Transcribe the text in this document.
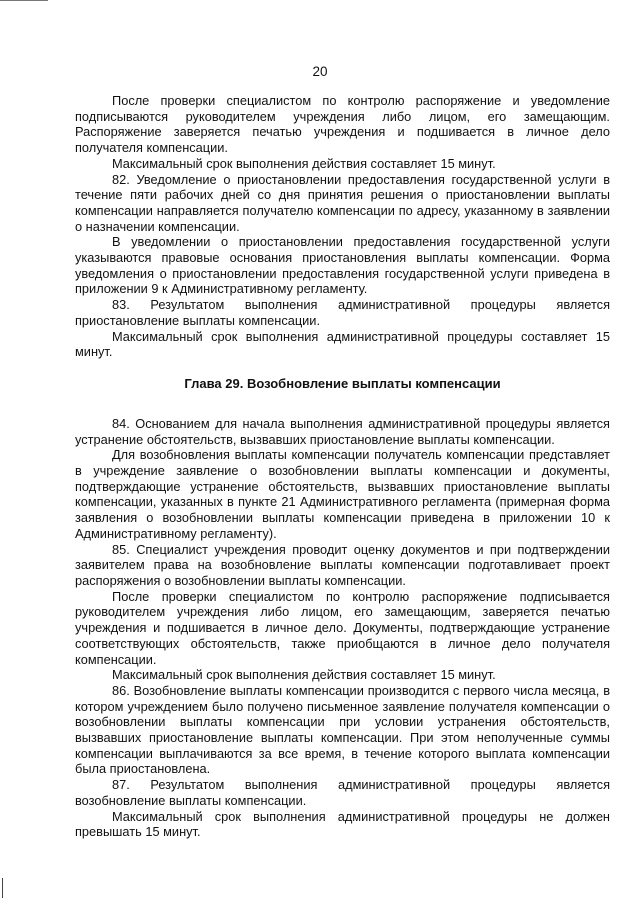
20

После проверки специалистом по контролю распоряжение и уведомление подписываются руководителем учреждения либо лицом, его замещающим. Распоряжение заверяется печатью учреждения и подшивается в личное дело получателя компенсации.

Максимальный срок выполнения действия составляет 15 минут.

82. Уведомление о приостановлении предоставления государственной услуги в течение пяти рабочих дней со дня принятия решения о приостановлении выплаты компенсации направляется получателю компенсации по адресу, указанному в заявлении о назначении компенсации.

В уведомлении о приостановлении предоставления государственной услуги указываются правовые основания приостановления выплаты компенсации. Форма уведомления о приостановлении предоставления государственной услуги приведена в приложении 9 к Административному регламенту.

83. Результатом выполнения административной процедуры является приостановление выплаты компенсации.

Максимальный срок выполнения административной процедуры составляет 15 минут.

Глава 29. Возобновление выплаты компенсации

84. Основанием для начала выполнения административной процедуры является устранение обстоятельств, вызвавших приостановление выплаты компенсации.

Для возобновления выплаты компенсации получатель компенсации представляет в учреждение заявление о возобновлении выплаты компенсации и документы, подтверждающие устранение обстоятельств, вызвавших приостановление выплаты компенсации, указанных в пункте 21 Административного регламента (примерная форма заявления о возобновлении выплаты компенсации приведена в приложении 10 к Административному регламенту).

85. Специалист учреждения проводит оценку документов и при подтверждении заявителем права на возобновление выплаты компенсации подготавливает проект распоряжения о возобновлении выплаты компенсации.

После проверки специалистом по контролю распоряжение подписывается руководителем учреждения либо лицом, его замещающим, заверяется печатью учреждения и подшивается в личное дело. Документы, подтверждающие устранение соответствующих обстоятельств, также приобщаются в личное дело получателя компенсации.

Максимальный срок выполнения действия составляет 15 минут.

86. Возобновление выплаты компенсации производится с первого числа месяца, в котором учреждением было получено письменное заявление получателя компенсации о возобновлении выплаты компенсации при условии устранения обстоятельств, вызвавших приостановление выплаты компенсации. При этом неполученные суммы компенсации выплачиваются за все время, в течение которого выплата компенсации была приостановлена.

87. Результатом выполнения административной процедуры является возобновление выплаты компенсации.

Максимальный срок выполнения административной процедуры не должен превышать 15 минут.
